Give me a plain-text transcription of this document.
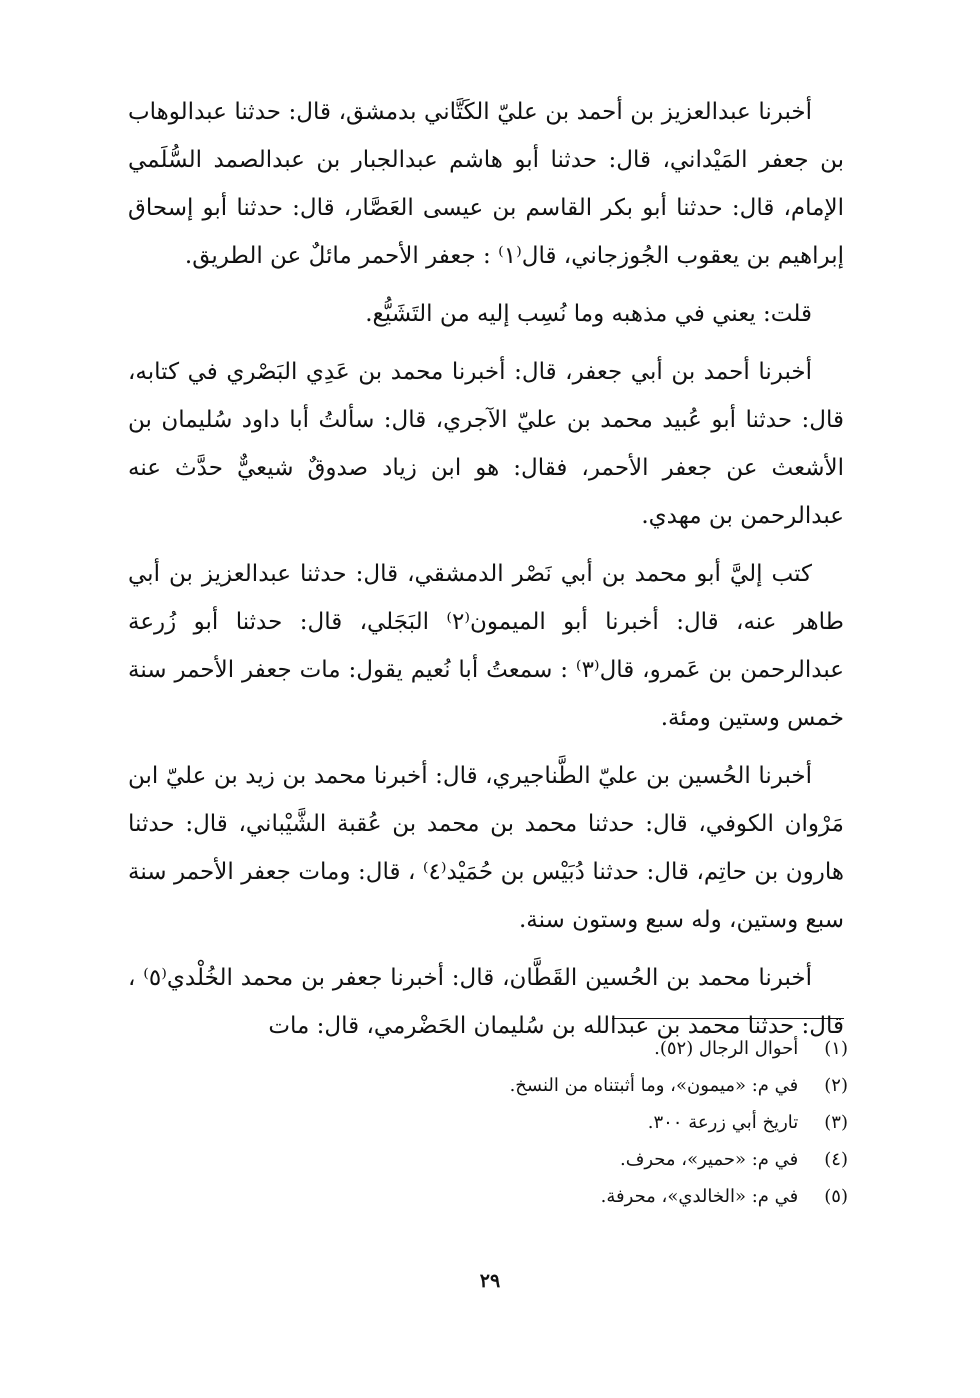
أخبرنا عبدالعزيز بن أحمد بن عليّ الكَتَّاني بدمشق، قال: حدثنا عبدالوهاب بن جعفر المَيْداني، قال: حدثنا أبو هاشم عبدالجبار بن عبدالصمد السُّلَمي الإمام، قال: حدثنا أبو بكر القاسم بن عيسى العَصَّار، قال: حدثنا أبو إسحاق إبراهيم بن يعقوب الجُوزجاني، قال⁽١⁾ : جعفر الأحمر مائلٌ عن الطريق.

قلت: يعني في مذهبه وما نُسِب إليه من التَشَيُّع.

أخبرنا أحمد بن أبي جعفر، قال: أخبرنا محمد بن عَدِي البَصْري في كتابه، قال: حدثنا أبو عُبيد محمد بن عليّ الآجري، قال: سألتُ أبا داود سُليمان بن الأشعث عن جعفر الأحمر، فقال: هو ابن زياد صدوقٌ شيعيٌّ حدَّث عنه عبدالرحمن بن مهدي.

كتب إليَّ أبو محمد بن أبي نَصْر الدمشقي، قال: حدثنا عبدالعزيز بن أبي طاهر عنه، قال: أخبرنا أبو الميمون⁽٢⁾ البَجَلي، قال: حدثنا أبو زُرعة عبدالرحمن بن عَمرو، قال⁽٣⁾ : سمعتُ أبا نُعيم يقول: مات جعفر الأحمر سنة خمس وستين ومئة.

أخبرنا الحُسين بن عليّ الطَّناجيري، قال: أخبرنا محمد بن زيد بن عليّ ابن مَرْوان الكوفي، قال: حدثنا محمد بن محمد بن عُقبة الشَّيْباني، قال: حدثنا هارون بن حاتِم، قال: حدثنا دُبَيْس بن حُمَيْد⁽٤⁾ ، قال: ومات جعفر الأحمر سنة سبع وستين، وله سبع وستون سنة.

أخبرنا محمد بن الحُسين القَطَّان، قال: أخبرنا جعفر بن محمد الخُلْدي⁽٥⁾ ، قال: حدثنا محمد بن عبدالله بن سُليمان الحَضْرمي، قال: مات

(١) أحوال الرجال (٥٢).
(٢) في م: «ميمون»، وما أثبتناه من النسخ.
(٣) تاريخ أبي زرعة ٣٠٠.
(٤) في م: «حمير»، محرف.
(٥) في م: «الخالدي»، محرفة.
٢٩
